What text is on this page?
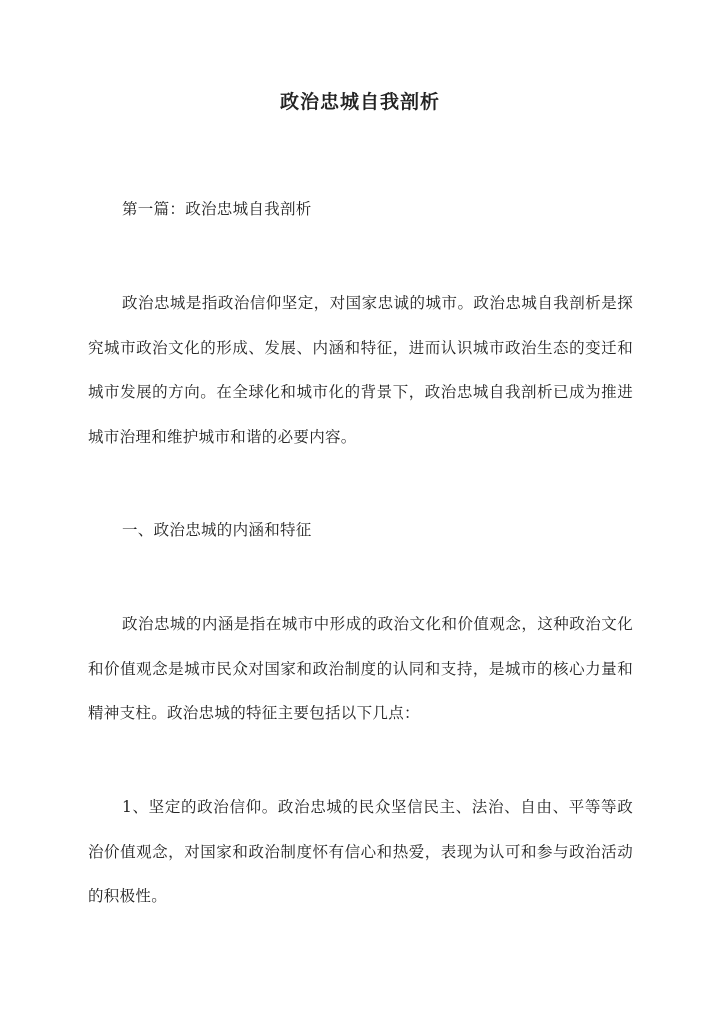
政治忠城自我剖析

第一篇：政治忠城自我剖析

政治忠城是指政治信仰坚定，对国家忠诚的城市。政治忠城自我剖析是探究城市政治文化的形成、发展、内涵和特征，进而认识城市政治生态的变迁和城市发展的方向。在全球化和城市化的背景下，政治忠城自我剖析已成为推进城市治理和维护城市和谐的必要内容。

一、政治忠城的内涵和特征

政治忠城的内涵是指在城市中形成的政治文化和价值观念，这种政治文化和价值观念是城市民众对国家和政治制度的认同和支持，是城市的核心力量和精神支柱。政治忠城的特征主要包括以下几点：

1、坚定的政治信仰。政治忠城的民众坚信民主、法治、自由、平等等政治价值观念，对国家和政治制度怀有信心和热爱，表现为认可和参与政治活动的积极性。
